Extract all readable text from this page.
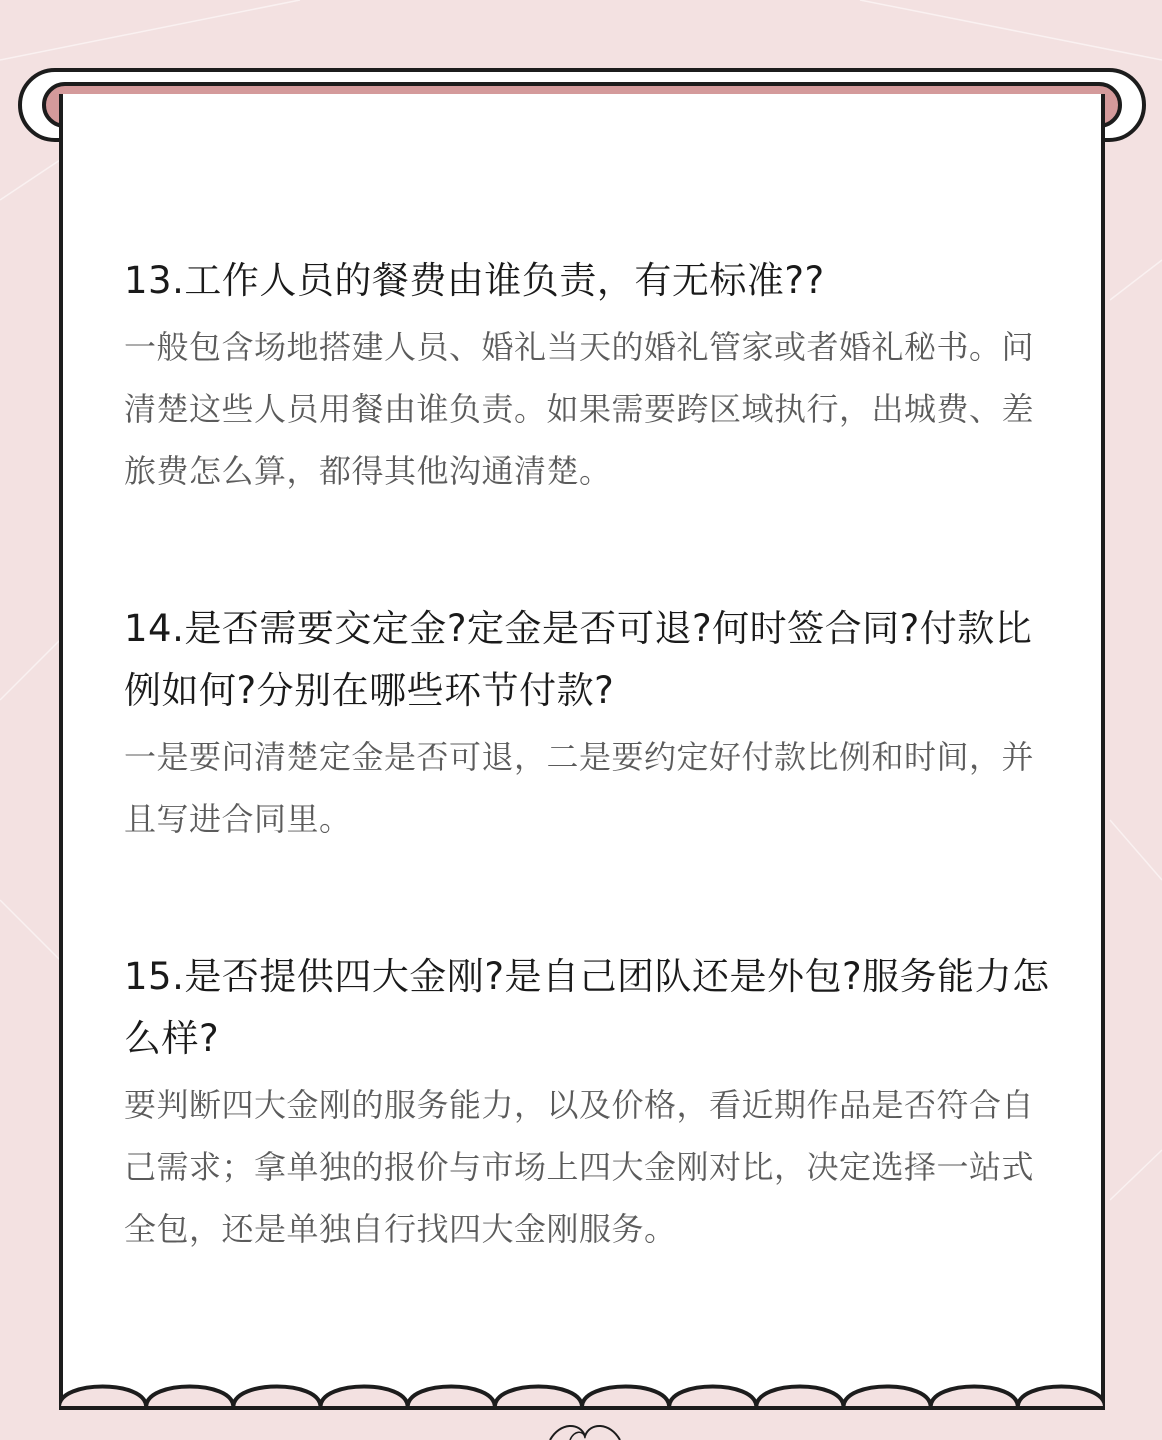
13.工作人员的餐费由谁负责，有无标准??

一般包含场地搭建人员、婚礼当天的婚礼管家或者婚礼秘书。问清楚这些人员用餐由谁负责。如果需要跨区域执行，出城费、差旅费怎么算，都得其他沟通清楚。

14.是否需要交定金?定金是否可退?何时签合同?付款比例如何?分别在哪些环节付款?

一是要问清楚定金是否可退，二是要约定好付款比例和时间，并且写进合同里。

15.是否提供四大金刚?是自己团队还是外包?服务能力怎么样?

要判断四大金刚的服务能力，以及价格，看近期作品是否符合自己需求；拿单独的报价与市场上四大金刚对比，决定选择一站式全包，还是单独自行找四大金刚服务。
